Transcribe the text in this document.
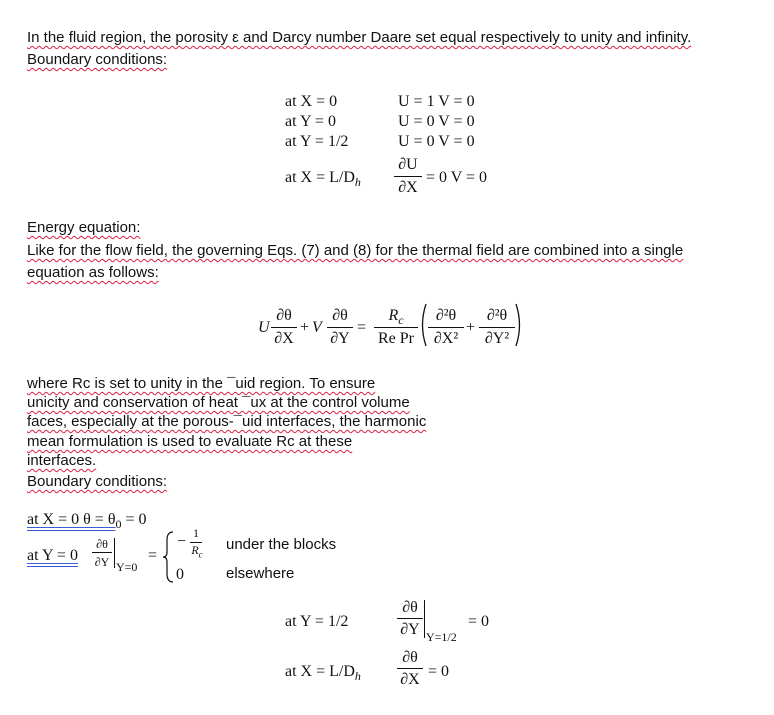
In the fluid region, the porosity ε and Darcy number Daare set equal respectively to unity and infinity.
Boundary conditions:
at X = 0
at Y = 0
at Y = 1/2
at $X = L/D_h$
U = 1 V = 0
U = 0 V = 0
U = 0 V = 0
∂U
∂X
= 0 V = 0
Energy equation:
Like for the flow field, the governing Eqs. (7) and (8) for the thermal field are combined into a single
equation as follows:
U
∂θ
∂X
+ V
∂θ
∂Y
=
$R_c$
Re Pr
∂²θ
∂X²
+
∂²θ
∂Y²
where Rc is set to unity in the ¯uid region. To ensure
unicity and conservation of heat ¯ux at the control volume
faces, especially at the porous-¯uid interfaces, the harmonic
mean formulation is used to evaluate Rc at these
interfaces.
Boundary conditions:
at X = 0 $\theta = \theta_0 = 0$
at Y = 0
∂θ
∂Y Y=0
=
− 1
$R_c$
0
under the blocks
elsewhere
at Y = 1/2
∂θ
∂Y Y=1/2
= 0
at $X = L/D_h$
∂θ
∂X = 0
